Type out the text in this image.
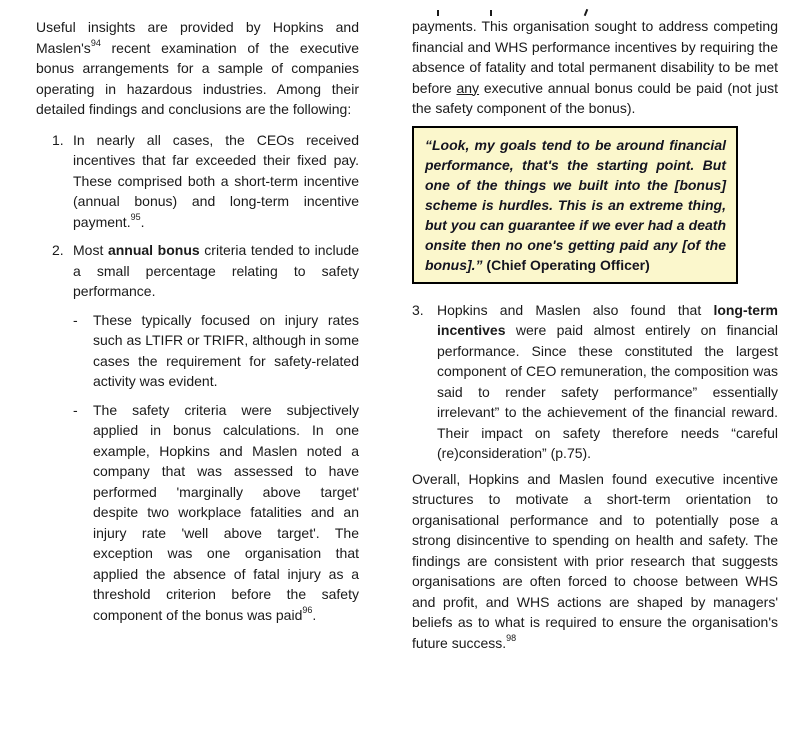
Useful insights are provided by Hopkins and $Maslen's^{94}$ recent examination of the executive bonus arrangements for a sample of companies operating in hazardous industries. Among their detailed findings and conclusions are the following:

1. In nearly all cases, the CEOs received incentives that far exceeded their fixed pay. These comprised both a short-term incentive (annual bonus) and long-term incentive payment.$^{95}$.
2. Most annual bonus criteria tended to include a small percentage relating to safety performance.
-	These typically focused on injury rates such as LTIFR or TRIFR, although in some cases the requirement for safety-related activity was evident.
-	The safety criteria were subjectively applied in bonus calculations. In one example, Hopkins and Maslen noted a company that was assessed to have performed 'marginally above target' despite two workplace fatalities and an injury rate 'well above target'. The exception was one organisation that applied the absence of fatal injury as a threshold criterion before the safety component of the bonus was paid$^{96}$.

payments. This organisation sought to address competing financial and WHS performance incentives by requiring the absence of fatality and total permanent disability to be met before any executive annual bonus could be paid (not just the safety component of the bonus).

“Look, my goals tend to be around financial performance, that's the starting point. But one of the things we built into the [bonus] scheme is hurdles. This is an extreme thing, but you can guarantee if we ever had a death onsite then no one's getting paid any [of the bonus].” (Chief Operating Officer)
3. Hopkins and Maslen also found that long-term incentives were paid almost entirely on financial performance. Since these constituted the largest component of CEO remuneration, the composition was said to render safety performance” essentially irrelevant” to the achievement of the financial reward. Their impact on safety therefore needs “careful (re)consideration” (p.75).

Overall, Hopkins and Maslen found executive incentive structures to motivate a short-term orientation to organisational performance and to potentially pose a strong disincentive to spending on health and safety. The findings are consistent with prior research that suggests organisations are often forced to choose between WHS and profit, and WHS actions are shaped by managers' beliefs as to what is required to ensure the organisation's future success.$^{98}$
